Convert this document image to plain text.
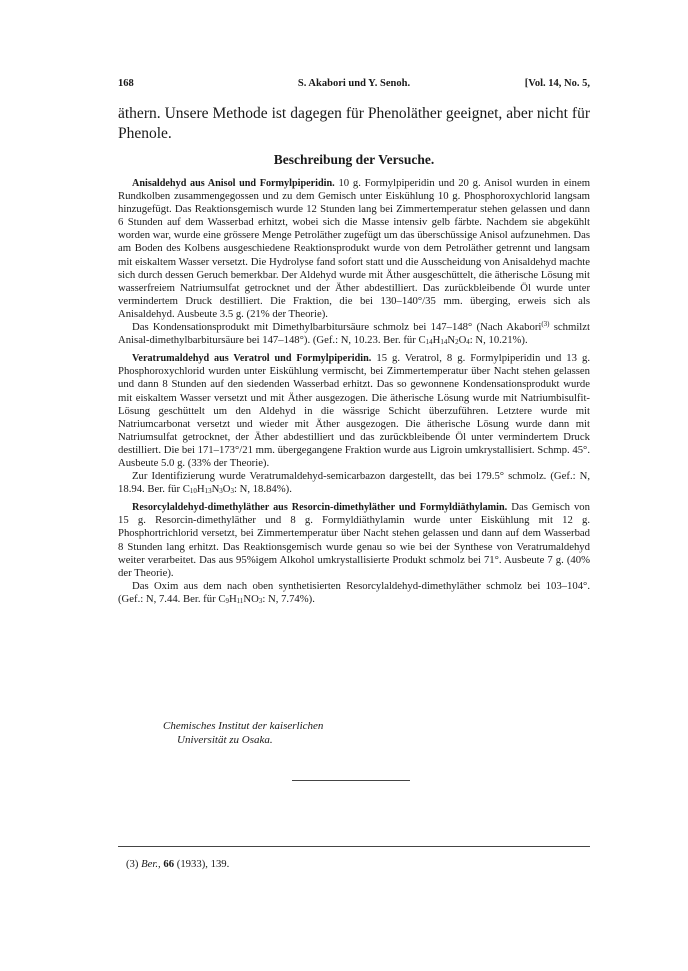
168	S. Akabori und Y. Senoh.	[Vol. 14, No. 5,
äthern. Unsere Methode ist dagegen für Phenoläther geeignet, aber nicht für Phenole.
Beschreibung der Versuche.

Anisaldehyd aus Anisol und Formylpiperidin. 10 g. Formylpiperidin und 20 g. Anisol wurden in einem Rundkolben zusammengegossen und zu dem Gemisch unter Eiskühlung 10 g. Phosphoroxychlorid langsam hinzugefügt. Das Reaktionsgemisch wurde 12 Stunden lang bei Zimmertemperatur stehen gelassen und dann 6 Stunden auf dem Wasserbad erhitzt, wobei sich die Masse intensiv gelb färbte. Nachdem sie abgekühlt worden war, wurde eine grössere Menge Petroläther zugefügt um das überschüssige Anisol aufzunehmen. Das am Boden des Kolbens ausgeschiedene Reaktionsprodukt wurde von dem Petroläther getrennt und langsam mit eiskaltem Wasser versetzt. Die Hydrolyse fand sofort statt und die Ausscheidung von Anisaldehyd machte sich durch dessen Geruch bemerkbar. Der Aldehyd wurde mit Äther ausgeschüttelt, die ätherische Lösung mit wasserfreiem Natriumsulfat getrocknet und der Äther abdestilliert. Das zurückbleibende Öl wurde unter vermindertem Druck destilliert. Die Fraktion, die bei 130–140°/35 mm. überging, erweis sich als Anisaldehyd. Ausbeute 3.5 g. (21% der Theorie).

Das Kondensationsprodukt mit Dimethylbarbitursäure schmolz bei 147–148° (Nach Akabori$^{(3)}$ schmilzt Anisal-dimethylbarbitursäure bei 147–148°). (Gef.: N, 10.23. Ber. für $C_{14}H_{14}N_2O_4$: N, 10.21%).

Veratrumaldehyd aus Veratrol und Formylpiperidin. 15 g. Veratrol, 8 g. Formylpiperidin und 13 g. Phosphoroxychlorid wurden unter Eiskühlung vermischt, bei Zimmertemperatur über Nacht stehen gelassen und dann 8 Stunden auf den siedenden Wasserbad erhitzt. Das so gewonnene Kondensationsprodukt wurde mit eiskaltem Wasser versetzt und mit Äther ausgezogen. Die ätherische Lösung wurde mit Natriumbisulfit-Lösung geschüttelt um den Aldehyd in die wässrige Schicht überzuführen. Letztere wurde mit Natriumcarbonat versetzt und wieder mit Äther ausgezogen. Die ätherische Lösung wurde dann mit Natriumsulfat getrocknet, der Äther abdestilliert und das zurückbleibende Öl unter vermindertem Druck destilliert. Die bei 171–173°/21 mm. übergegangene Fraktion wurde aus Ligroin umkrystallisiert. Schmp. 45°. Ausbeute 5.0 g. (33% der Theorie).

Zur Identifizierung wurde Veratrumaldehyd-semicarbazon dargestellt, das bei 179.5° schmolz. (Gef.: N, 18.94. Ber. für $C_{10}H_{13}N_3O_3$: N, 18.84%).

Resorcylaldehyd-dimethyläther aus Resorcin-dimethyläther und Formyldiäthylamin. Das Gemisch von 15 g. Resorcin-dimethyläther und 8 g. Formyldiäthylamin wurde unter Eiskühlung mit 12 g. Phosphortrichlorid versetzt, bei Zimmertemperatur über Nacht stehen gelassen und dann auf dem Wasserbad 8 Stunden lang erhitzt. Das Reaktionsgemisch wurde genau so wie bei der Synthese von Veratrumaldehyd weiter verarbeitet. Das aus 95%igem Alkohol umkrystallisierte Produkt schmolz bei 71°. Ausbeute 7 g. (40% der Theorie).

Das Oxim aus dem nach oben synthetisierten Resorcylaldehyd-dimethyläther schmolz bei 103–104°. (Gef.: N, 7.44. Ber. für $C_9H_{11}NO_3$: N, 7.74%).

Chemisches Institut der kaiserlichen
Universität zu Osaka.
(3) Ber., 66 (1933), 139.
